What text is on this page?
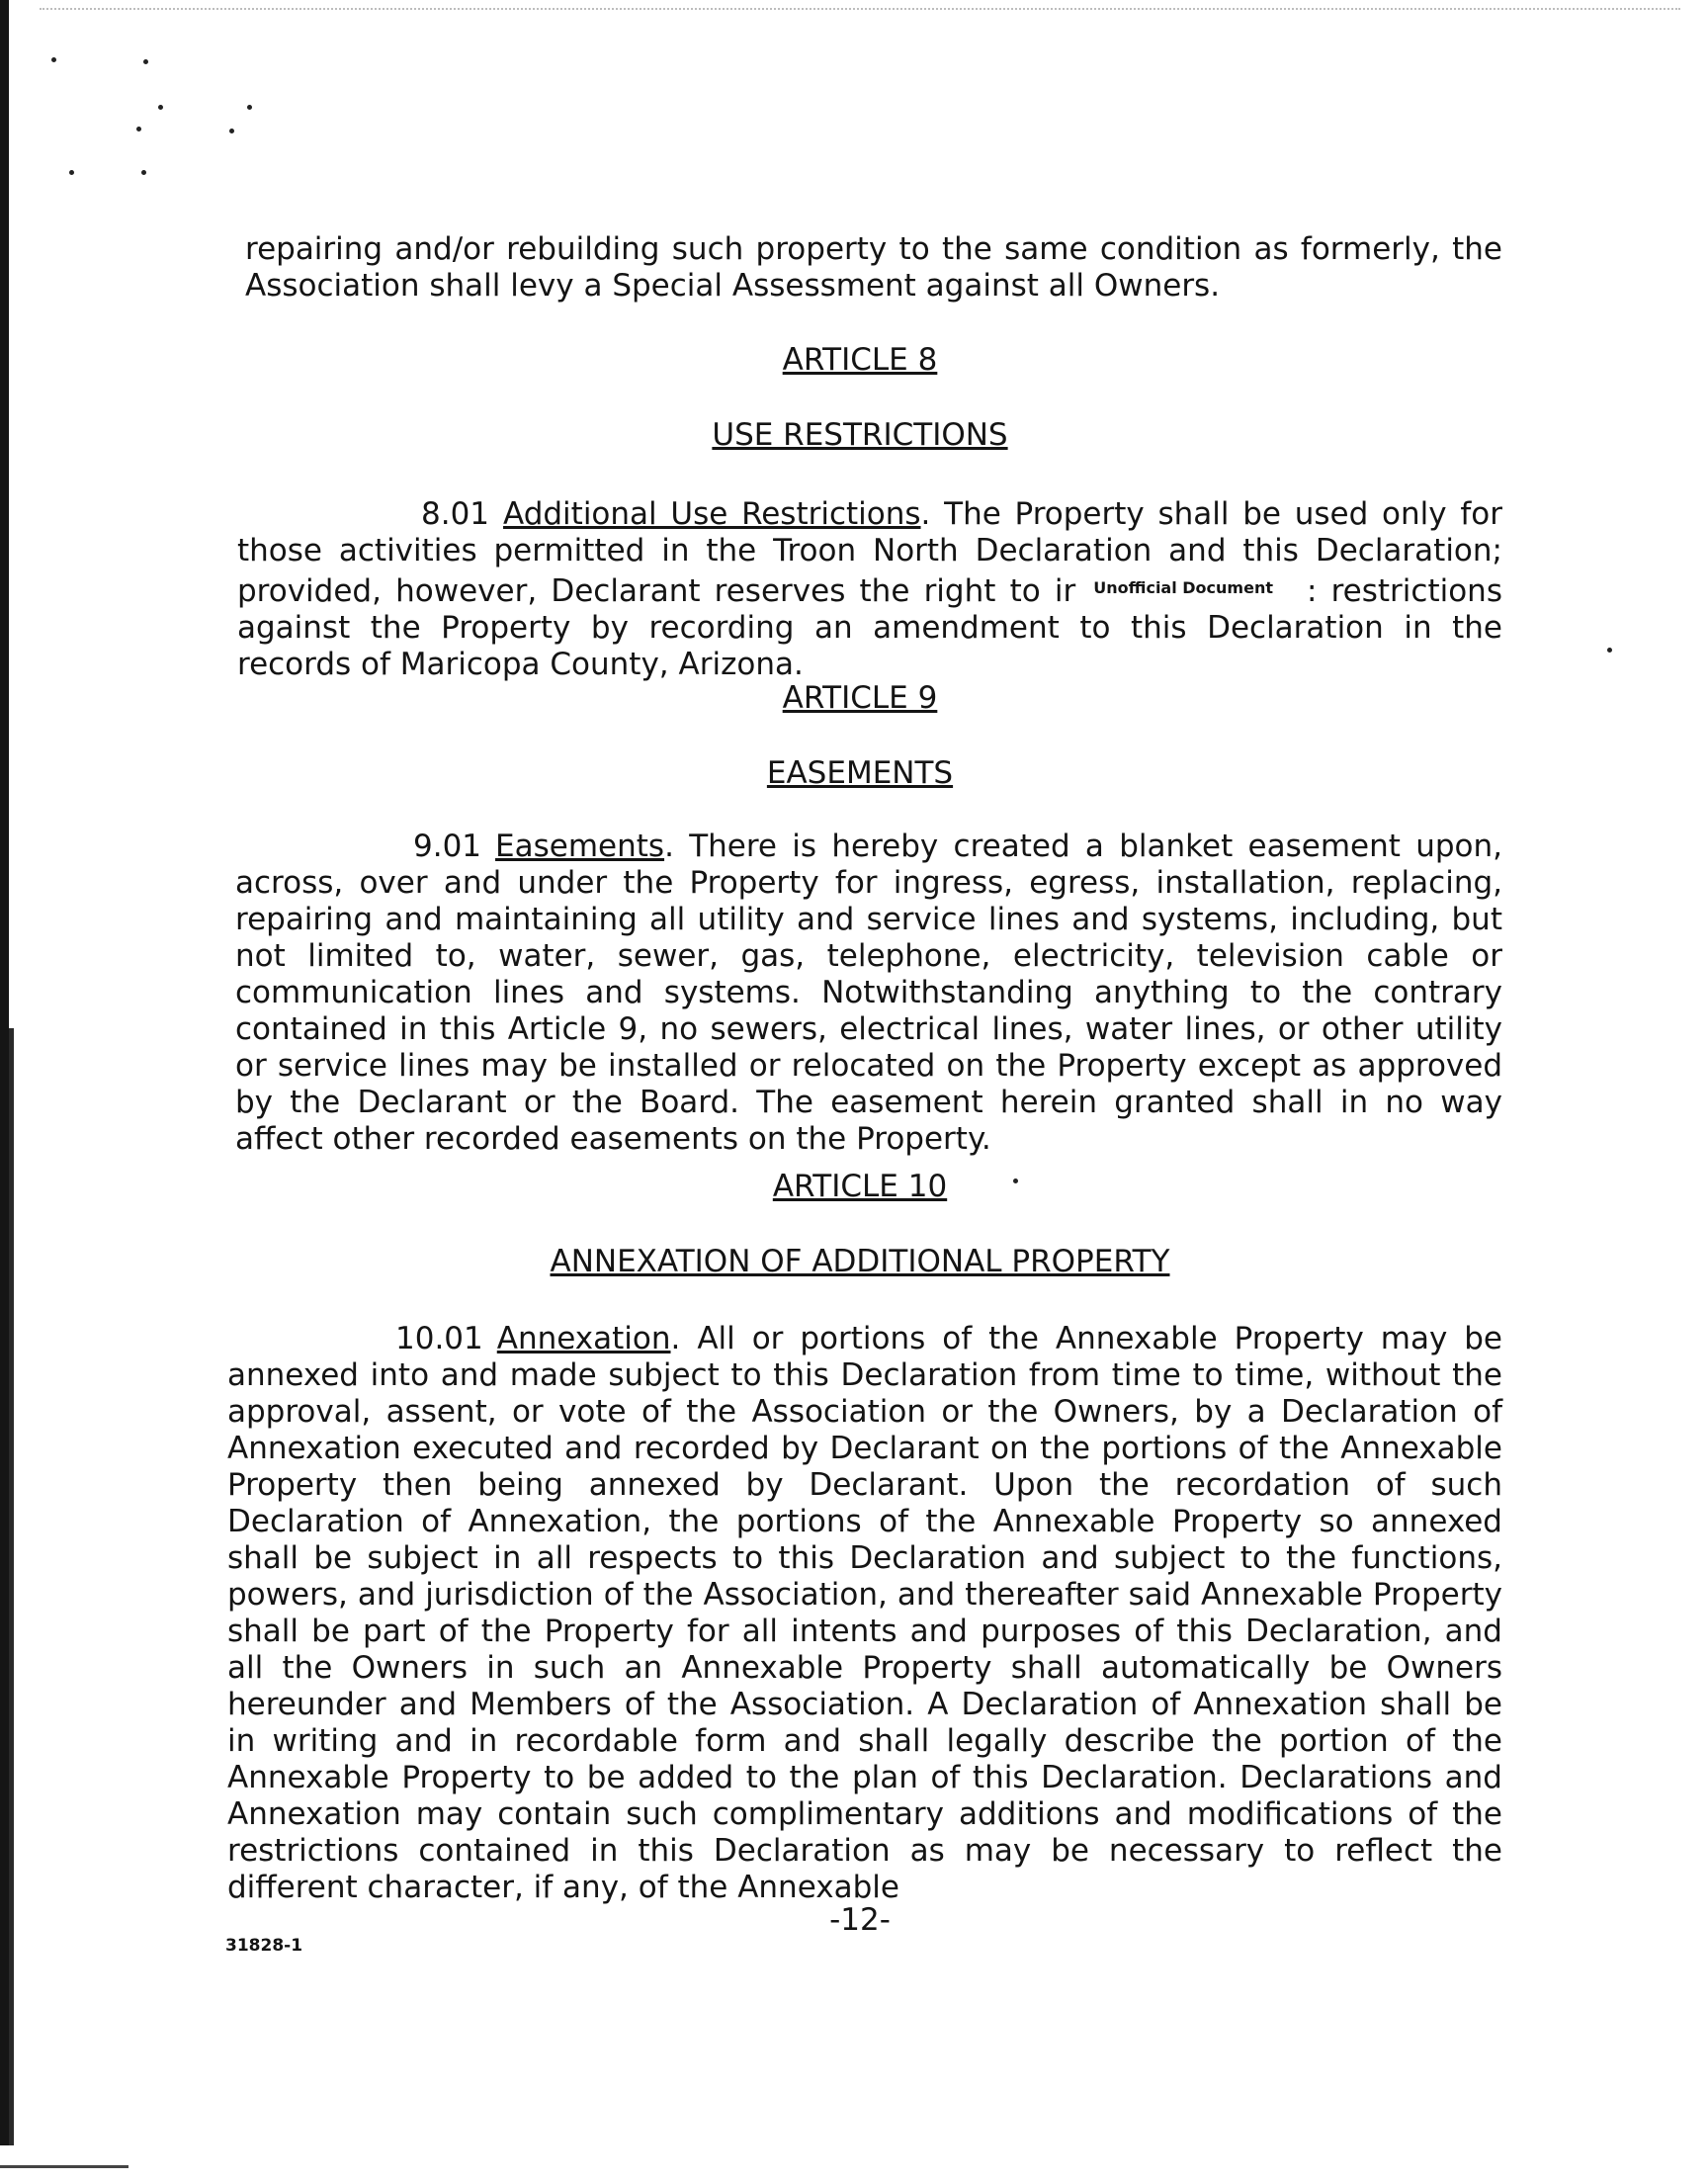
repairing and/or rebuilding such property to the same condition as formerly, the Association shall levy a Special Assessment against all Owners.

ARTICLE 8

USE RESTRICTIONS

8.01 Additional Use Restrictions. The Property shall be used only for those activities permitted in the Troon North Declaration and this Declaration; provided, however, Declarant reserves the right to ir Unofficial Document : restrictions against the Property by recording an amendment to this Declaration in the records of Maricopa County, Arizona.

ARTICLE 9

EASEMENTS

9.01 Easements. There is hereby created a blanket easement upon, across, over and under the Property for ingress, egress, installation, replacing, repairing and maintaining all utility and service lines and systems, including, but not limited to, water, sewer, gas, telephone, electricity, television cable or communication lines and systems. Notwithstanding anything to the contrary contained in this Article 9, no sewers, electrical lines, water lines, or other utility or service lines may be installed or relocated on the Property except as approved by the Declarant or the Board. The easement herein granted shall in no way affect other recorded easements on the Property.

ARTICLE 10

ANNEXATION OF ADDITIONAL PROPERTY

10.01 Annexation. All or portions of the Annexable Property may be annexed into and made subject to this Declaration from time to time, without the approval, assent, or vote of the Association or the Owners, by a Declaration of Annexation executed and recorded by Declarant on the portions of the Annexable Property then being annexed by Declarant. Upon the recordation of such Declaration of Annexation, the portions of the Annexable Property so annexed shall be subject in all respects to this Declaration and subject to the functions, powers, and jurisdiction of the Association, and thereafter said Annexable Property shall be part of the Property for all intents and purposes of this Declaration, and all the Owners in such an Annexable Property shall automatically be Owners hereunder and Members of the Association. A Declaration of Annexation shall be in writing and in recordable form and shall legally describe the portion of the Annexable Property to be added to the plan of this Declaration. Declarations and Annexation may contain such complimentary additions and modifications of the restrictions contained in this Declaration as may be necessary to reflect the different character, if any, of the Annexable

-12-

31828-1
